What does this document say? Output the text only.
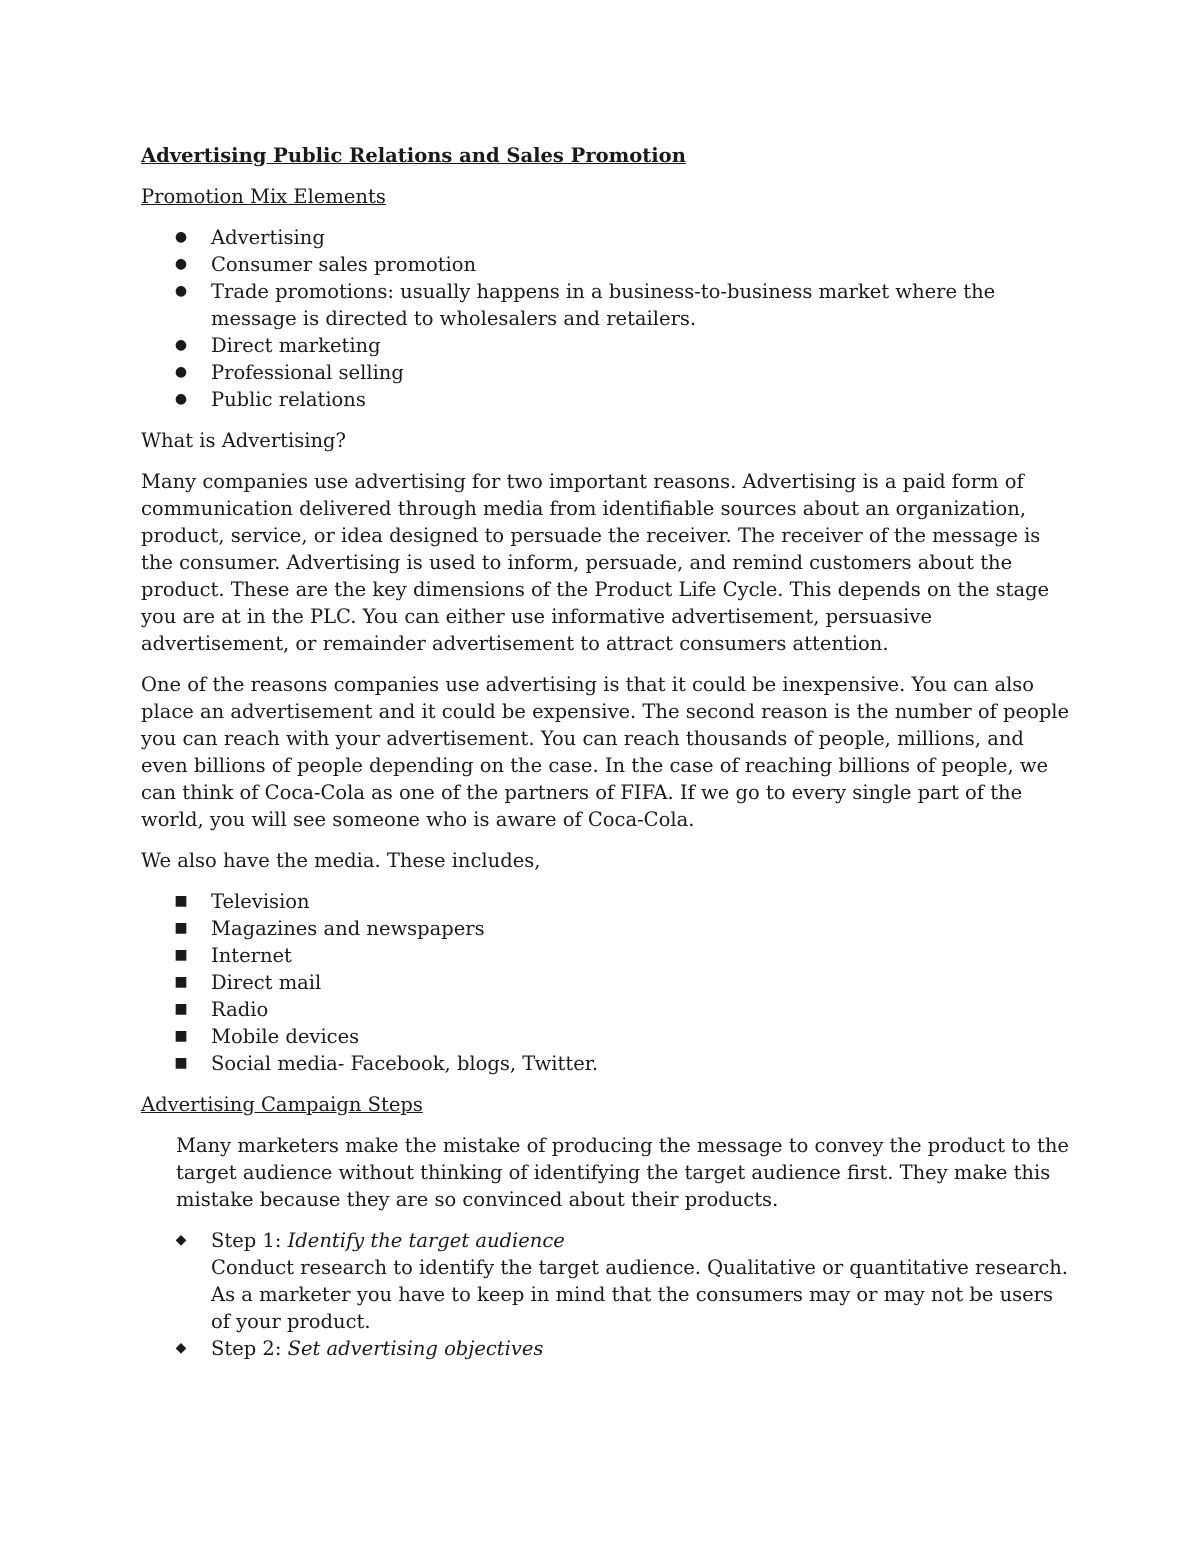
Advertising Public Relations and Sales Promotion
Promotion Mix Elements
● Advertising
● Consumer sales promotion
● Trade promotions: usually happens in a business-to-business market where the message is directed to wholesalers and retailers.
● Direct marketing
● Professional selling
● Public relations

What is Advertising?

Many companies use advertising for two important reasons. Advertising is a paid form of communication delivered through media from identifiable sources about an organization, product, service, or idea designed to persuade the receiver. The receiver of the message is the consumer. Advertising is used to inform, persuade, and remind customers about the product. These are the key dimensions of the Product Life Cycle. This depends on the stage you are at in the PLC. You can either use informative advertisement, persuasive advertisement, or remainder advertisement to attract consumers attention.

One of the reasons companies use advertising is that it could be inexpensive. You can also place an advertisement and it could be expensive. The second reason is the number of people you can reach with your advertisement. You can reach thousands of people, millions, and even billions of people depending on the case. In the case of reaching billions of people, we can think of Coca-Cola as one of the partners of FIFA. If we go to every single part of the world, you will see someone who is aware of Coca-Cola.

We also have the media. These includes,

■ Television
■ Magazines and newspapers
■ Internet
■ Direct mail
■ Radio
■ Mobile devices
■ Social media- Facebook, blogs, Twitter.
Advertising Campaign Steps

Many marketers make the mistake of producing the message to convey the product to the target audience without thinking of identifying the target audience first. They make this mistake because they are so convinced about their products.

◆ Step 1: Identify the target audience
Conduct research to identify the target audience. Qualitative or quantitative research. As a marketer you have to keep in mind that the consumers may or may not be users of your product.
◆ Step 2: Set advertising objectives
